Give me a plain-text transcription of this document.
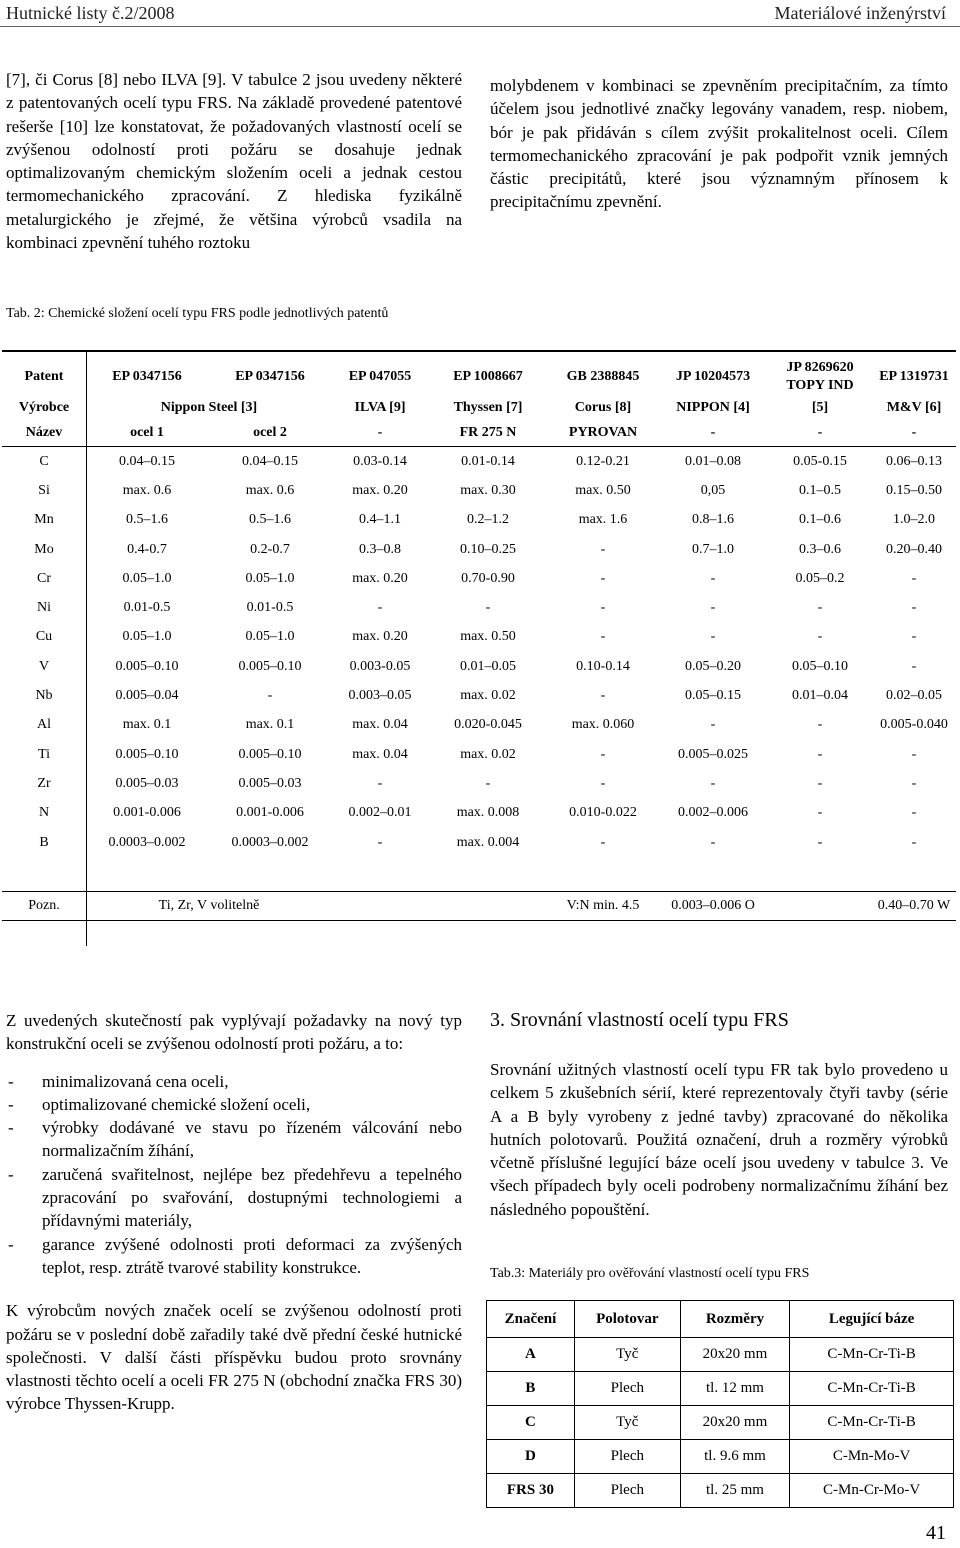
Hutnické listy č.2/2008	Materiálové inženýrství

[7], či Corus [8] nebo ILVA [9]. V tabulce 2 jsou uvedeny některé z patentovaných ocelí typu FRS. Na základě provedené patentové rešerše [10] lze konstatovat, že požadovaných vlastností ocelí se zvýšenou odolností proti požáru se dosahuje jednak optimalizovaným chemickým složením oceli a jednak cestou termomechanického zpracování. Z hlediska fyzikálně metalurgického je zřejmé, že většina výrobců vsadila na kombinaci zpevnění tuhého roztoku

molybdenem v kombinaci se zpevněním precipitačním, za tímto účelem jsou jednotlivé značky legovány vanadem, resp. niobem, bór je pak přidáván s cílem zvýšit prokalitelnost oceli. Cílem termomechanického zpracování je pak podpořit vznik jemných částic precipitátů, které jsou významným přínosem k precipitačnímu zpevnění.

Tab. 2: Chemické složení ocelí typu FRS podle jednotlivých patentů
Patent	EP 0347156	EP 0347156	EP 047055	EP 1008667	GB 2388845	JP 10204573	JP 8269620 TOPY IND	EP 1319731
Výrobce	Nippon Steel [3]		ILVA [9]	Thyssen [7]	Corus [8]	NIPPON [4]	[5]	M&V [6]
Název	ocel 1	ocel 2	-	FR 275 N	PYROVAN	-	-	-
C	0.04–0.15	0.04–0.15	0.03-0.14	0.01-0.14	0.12-0.21	0.01–0.08	0.05-0.15	0.06–0.13
Si	max. 0.6	max. 0.6	max. 0.20	max. 0.30	max. 0.50	0,05	0.1–0.5	0.15–0.50
Mn	0.5–1.6	0.5–1.6	0.4–1.1	0.2–1.2	max. 1.6	0.8–1.6	0.1–0.6	1.0–2.0
Mo	0.4-0.7	0.2-0.7	0.3–0.8	0.10–0.25	-	0.7–1.0	0.3–0.6	0.20–0.40
Cr	0.05–1.0	0.05–1.0	max. 0.20	0.70-0.90	-	-	0.05–0.2	-
Ni	0.01-0.5	0.01-0.5	-	-	-	-	-	-
Cu	0.05–1.0	0.05–1.0	max. 0.20	max. 0.50	-	-	-	-
V	0.005–0.10	0.005–0.10	0.003-0.05	0.01–0.05	0.10-0.14	0.05–0.20	0.05–0.10	-
Nb	0.005–0.04	-	0.003–0.05	max. 0.02	-	0.05–0.15	0.01–0.04	0.02–0.05
Al	max. 0.1	max. 0.1	max. 0.04	0.020-0.045	max. 0.060	-	-	0.005-0.040
Ti	0.005–0.10	0.005–0.10	max. 0.04	max. 0.02	-	0.005–0.025	-	-
Zr	0.005–0.03	0.005–0.03	-	-	-	-	-	-
N	0.001-0.006	0.001-0.006	0.002–0.01	max. 0.008	0.010-0.022	0.002–0.006	-	-
B	0.0003–0.002	0.0003–0.002	-	max. 0.004	-	-	-	-

Pozn.	Ti, Zr, V volitelně				V:N min. 4.5	0.003–0.006 O		0.40–0.70 W

Z uvedených skutečností pak vyplývají požadavky na nový typ konstrukční oceli se zvýšenou odolností proti požáru, a to:

- minimalizovaná cena oceli,
- optimalizované chemické složení oceli,
- výrobky dodávané ve stavu po řízeném válcování nebo normalizačním žíhání,
- zaručená svařitelnost, nejlépe bez předehřevu a tepelného zpracování po svařování, dostupnými technologiemi a přídavnými materiály,
- garance zvýšené odolnosti proti deformaci za zvýšených teplot, resp. ztrátě tvarové stability konstrukce.

K výrobcům nových značek ocelí se zvýšenou odolností proti požáru se v poslední době zařadily také dvě přední české hutnické společnosti. V další části příspěvku budou proto srovnány vlastnosti těchto ocelí a oceli FR 275 N (obchodní značka FRS 30) výrobce Thyssen-Krupp.

3. Srovnání vlastností ocelí typu FRS

Srovnání užitných vlastností ocelí typu FR tak bylo provedeno u celkem 5 zkušebních sérií, které reprezentovaly čtyři tavby (série A a B byly vyrobeny z jedné tavby) zpracované do několika hutních polotovarů. Použitá označení, druh a rozměry výrobků včetně příslušné legující báze ocelí jsou uvedeny v tabulce 3. Ve všech případech byly oceli podrobeny normalizačnímu žíhání bez následného popouštění.

Tab.3: Materiály pro ověřování vlastností ocelí typu FRS
Značení	Polotovar	Rozměry	Legující báze
A	Tyč	20x20 mm	C-Mn-Cr-Ti-B
B	Plech	tl. 12 mm	C-Mn-Cr-Ti-B
C	Tyč	20x20 mm	C-Mn-Cr-Ti-B
D	Plech	tl. 9.6 mm	C-Mn-Mo-V
FRS 30	Plech	tl. 25 mm	C-Mn-Cr-Mo-V
41
